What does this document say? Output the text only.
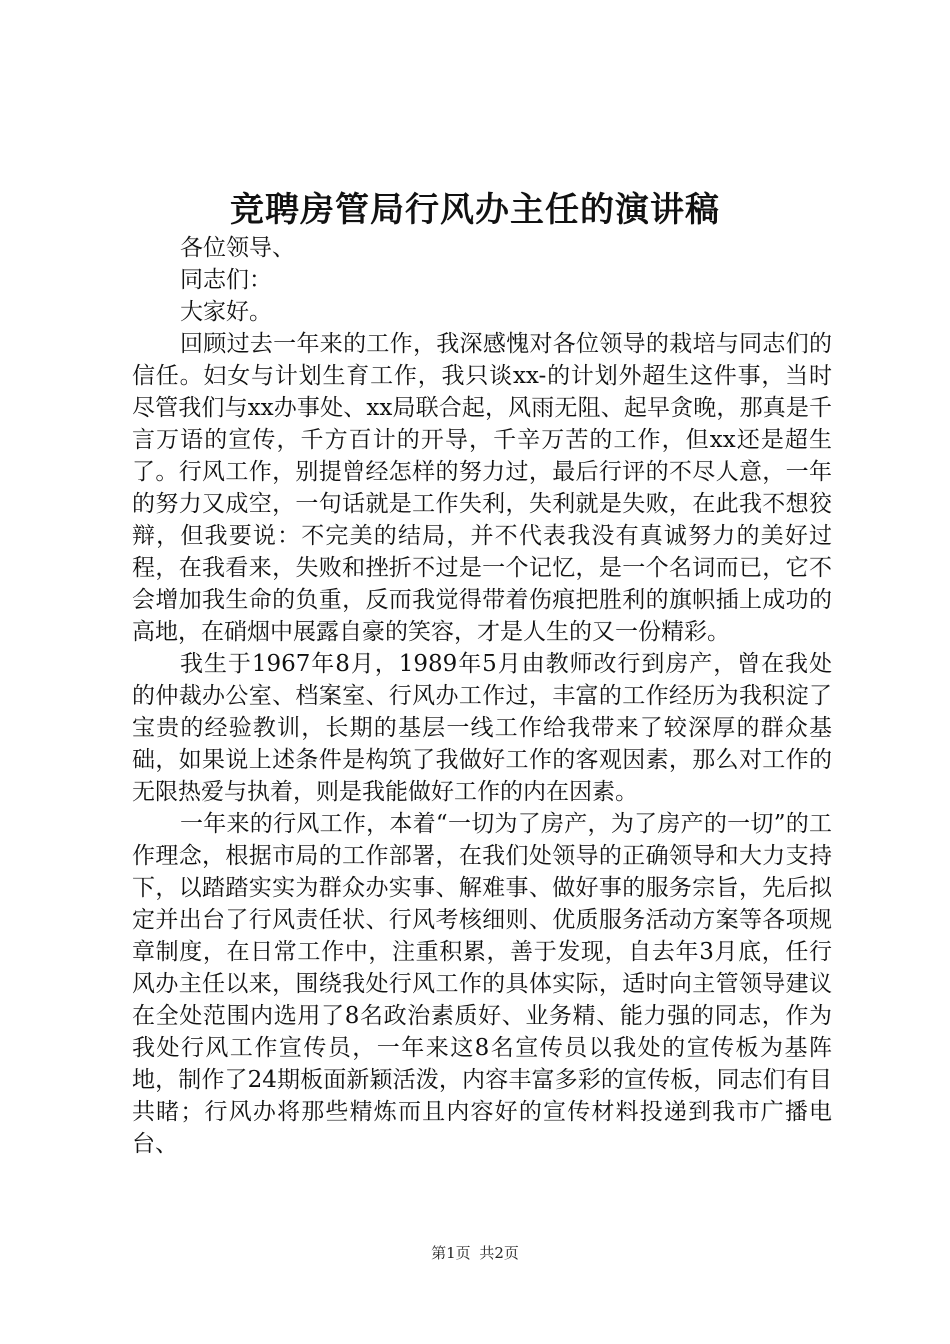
竞聘房管局行风办主任的演讲稿

各位领导、

同志们：

大家好。

回顾过去一年来的工作，我深感愧对各位领导的栽培与同志们的信任。妇女与计划生育工作，我只谈xx-的计划外超生这件事，当时尽管我们与xx办事处、xx局联合起，风雨无阻、起早贪晚，那真是千言万语的宣传，千方百计的开导，千辛万苦的工作，但xx还是超生了。行风工作，别提曾经怎样的努力过，最后行评的不尽人意，一年的努力又成空，一句话就是工作失利，失利就是失败，在此我不想狡辩，但我要说：不完美的结局，并不代表我没有真诚努力的美好过程，在我看来，失败和挫折不过是一个记忆，是一个名词而已，它不会增加我生命的负重，反而我觉得带着伤痕把胜利的旗帜插上成功的高地，在硝烟中展露自豪的笑容，才是人生的又一份精彩。

我生于1967年8月，1989年5月由教师改行到房产，曾在我处的仲裁办公室、档案室、行风办工作过，丰富的工作经历为我积淀了宝贵的经验教训，长期的基层一线工作给我带来了较深厚的群众基础，如果说上述条件是构筑了我做好工作的客观因素，那么对工作的无限热爱与执着，则是我能做好工作的内在因素。

一年来的行风工作，本着“一切为了房产，为了房产的一切”的工作理念，根据市局的工作部署，在我们处领导的正确领导和大力支持下，以踏踏实实为群众办实事、解难事、做好事的服务宗旨，先后拟定并出台了行风责任状、行风考核细则、优质服务活动方案等各项规章制度，在日常工作中，注重积累，善于发现，自去年3月底，任行风办主任以来，围绕我处行风工作的具体实际，适时向主管领导建议在全处范围内选用了8名政治素质好、业务精、能力强的同志，作为我处行风工作宣传员，一年来这8名宣传员以我处的宣传板为基阵地，制作了24期板面新颖活泼，内容丰富多彩的宣传板，同志们有目共睹；行风办将那些精炼而且内容好的宣传材料投递到我市广播电台、

第1页 共2页
